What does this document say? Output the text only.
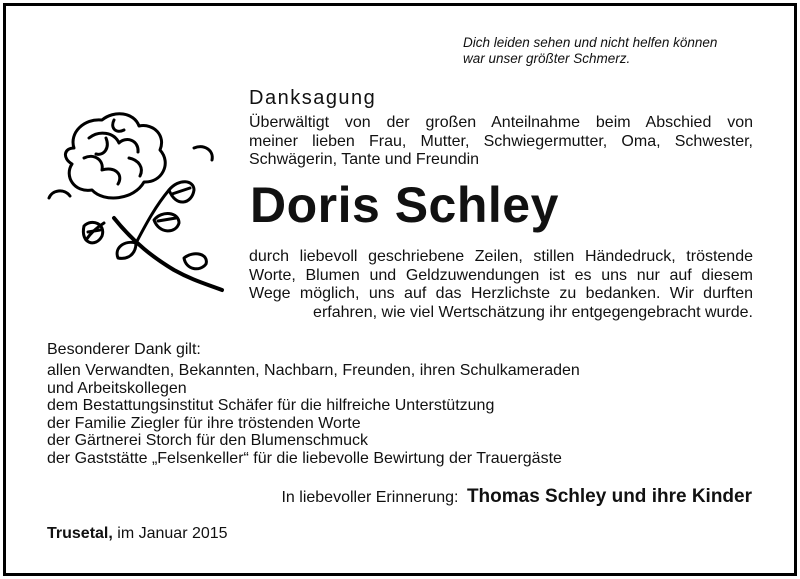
Dich leiden sehen und nicht helfen können
war unser größter Schmerz.
Danksagung
Überwältigt von der großen Anteilnahme beim Abschied von
meiner lieben Frau, Mutter, Schwiegermutter, Oma, Schwester,
Schwägerin, Tante und Freundin
Doris Schley
durch liebevoll geschriebene Zeilen, stillen Händedruck, tröstende
Worte, Blumen und Geldzuwendungen ist es uns nur auf diesem
Wege möglich, uns auf das Herzlichste zu bedanken. Wir durften
erfahren, wie viel Wertschätzung ihr entgegengebracht wurde.
Besonderer Dank gilt:
allen Verwandten, Bekannten, Nachbarn, Freunden, ihren Schulkameraden
und Arbeitskollegen
dem Bestattungsinstitut Schäfer für die hilfreiche Unterstützung
der Familie Ziegler für ihre tröstenden Worte
der Gärtnerei Storch für den Blumenschmuck
der Gaststätte „Felsenkeller“ für die liebevolle Bewirtung der Trauergäste
In liebevoller Erinnerung: Thomas Schley und ihre Kinder
Trusetal, im Januar 2015
